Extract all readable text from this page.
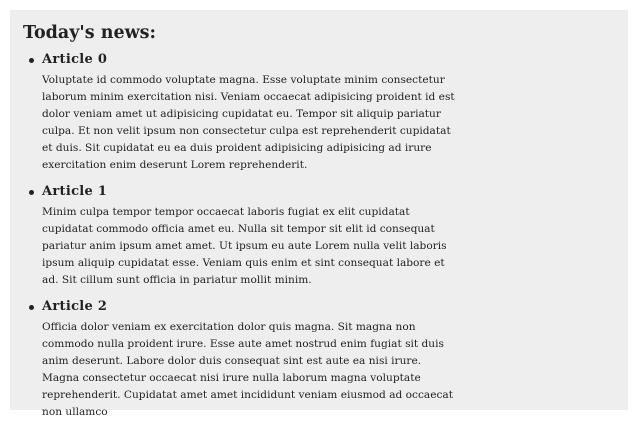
Today's news:
Article 0

Voluptate id commodo voluptate magna. Esse voluptate minim consectetur laborum minim exercitation nisi. Veniam occaecat adipisicing proident id est dolor veniam amet ut adipisicing cupidatat eu. Tempor sit aliquip pariatur culpa. Et non velit ipsum non consectetur culpa est reprehenderit cupidatat et duis. Sit cupidatat eu ea duis proident adipisicing adipisicing ad irure exercitation enim deserunt Lorem reprehenderit.

Article 1

Minim culpa tempor tempor occaecat laboris fugiat ex elit cupidatat cupidatat commodo officia amet eu. Nulla sit tempor sit elit id consequat pariatur anim ipsum amet amet. Ut ipsum eu aute Lorem nulla velit laboris ipsum aliquip cupidatat esse. Veniam quis enim et sint consequat labore et ad. Sit cillum sunt officia in pariatur mollit minim.

Article 2

Officia dolor veniam ex exercitation dolor quis magna. Sit magna non commodo nulla proident irure. Esse aute amet nostrud enim fugiat sit duis anim deserunt. Labore dolor duis consequat sint est aute ea nisi irure. Magna consectetur occaecat nisi irure nulla laborum magna voluptate reprehenderit. Cupidatat amet amet incididunt veniam eiusmod ad occaecat non ullamco
